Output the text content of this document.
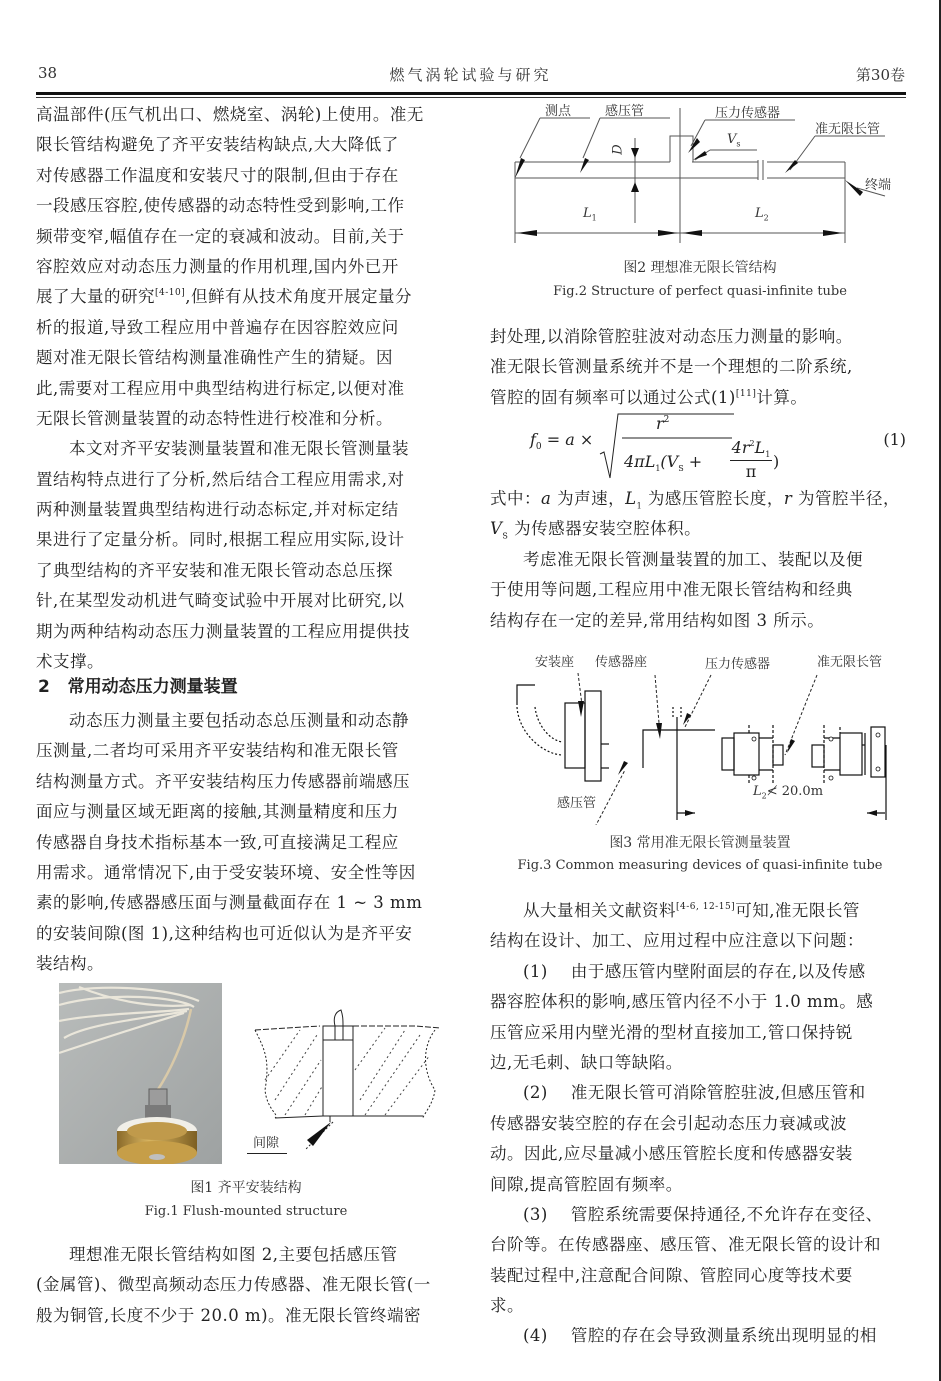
38	燃气涡轮试验与研究	第30卷
高温部件(压气机出口、燃烧室、涡轮)上使用。准无
限长管结构避免了齐平安装结构缺点,大大降低了
对传感器工作温度和安装尺寸的限制,但由于存在
一段感压容腔,使传感器的动态特性受到影响,工作
频带变窄,幅值存在一定的衰减和波动。目前,关于
容腔效应对动态压力测量的作用机理,国内外已开
展了大量的研究[4-10],但鲜有从技术角度开展定量分
析的报道,导致工程应用中普遍存在因容腔效应问
题对准无限长管结构测量准确性产生的猜疑。因
此,需要对工程应用中典型结构进行标定,以便对准
无限长管测量装置的动态特性进行校准和分析。
本文对齐平安装测量装置和准无限长管测量装
置结构特点进行了分析,然后结合工程应用需求,对
两种测量装置典型结构进行动态标定,并对标定结
果进行了定量分析。同时,根据工程应用实际,设计
了典型结构的齐平安装和准无限长管动态总压探
针,在某型发动机进气畸变试验中开展对比研究,以
期为两种结构动态压力测量装置的工程应用提供技
术支撑。
2   常用动态压力测量装置
动态压力测量主要包括动态总压测量和动态静
压测量,二者均可采用齐平安装结构和准无限长管
结构测量方式。齐平安装结构压力传感器前端感压
面应与测量区域无距离的接触,其测量精度和压力
传感器自身技术指标基本一致,可直接满足工程应
用需求。通常情况下,由于受安装环境、安全性等因
素的影响,传感器感压面与测量截面存在 1 ~ 3 mm
的安装间隙(图 1),这种结构也可近似认为是齐平安
装结构。
间隙
图1 齐平安装结构
Fig.1 Flush-mounted structure
理想准无限长管结构如图 2,主要包括感压管
(金属管)、微型高频动态压力传感器、准无限长管(一
般为铜管,长度不少于 20.0 m)。准无限长管终端密
测点	感压管	压力传感器
准无限长管
终端
D
$V_s$
$L_1$	$L_2$
图2 理想准无限长管结构
Fig.2 Structure of perfect quasi-infinite tube
封处理,以消除管腔驻波对动态压力测量的影响。
准无限长管测量系统并不是一个理想的二阶系统,
管腔的固有频率可以通过公式(1)[11]计算。
$f_0 = a$ ×
$r^2$
$4\pi L_1(V_S$ +
$4r^2L_1$
π
)
(1)
式中：a 为声速，$L_1$ 为感压管腔长度，r 为管腔半径，
$V_S$ 为传感器安装空腔体积。
考虑准无限长管测量装置的加工、装配以及便
于使用等问题,工程应用中准无限长管结构和经典
结构存在一定的差异,常用结构如图 3 所示。
安装座 传感器座	压力传感器	准无限长管
感压管
$L_2≮$ 20.0m
图3 常用准无限长管测量装置
Fig.3 Common measuring devices of quasi-infinite tube
从大量相关文献资料[4-6, 12-15]可知,准无限长管
结构在设计、加工、应用过程中应注意以下问题：
(1)    由于感压管内壁附面层的存在,以及传感
器容腔体积的影响,感压管内径不小于 1.0 mm。感
压管应采用内壁光滑的型材直接加工,管口保持锐
边,无毛刺、缺口等缺陷。
(2)    准无限长管可消除管腔驻波,但感压管和
传感器安装空腔的存在会引起动态压力衰减或波
动。因此,应尽量减小感压管腔长度和传感器安装
间隙,提高管腔固有频率。
(3)    管腔系统需要保持通径,不允许存在变径、
台阶等。在传感器座、感压管、准无限长管的设计和
装配过程中,注意配合间隙、管腔同心度等技术要
求。
(4)    管腔的存在会导致测量系统出现明显的相
